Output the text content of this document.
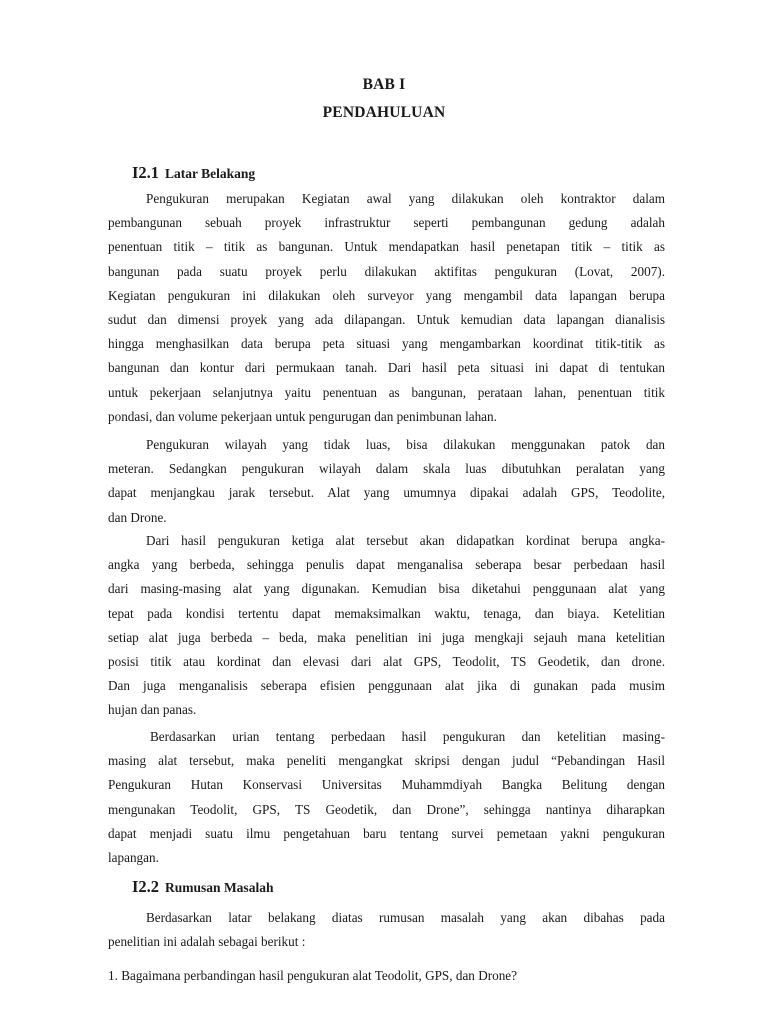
BAB I
PENDAHULUAN
I2.1 Latar Belakang
Pengukuran merupakan Kegiatan awal yang dilakukan oleh kontraktor dalam
pembangunan sebuah proyek infrastruktur seperti pembangunan gedung adalah
penentuan titik – titik as bangunan. Untuk mendapatkan hasil penetapan titik – titik as
bangunan pada suatu proyek perlu dilakukan aktifitas pengukuran (Lovat, 2007).
Kegiatan pengukuran ini dilakukan oleh surveyor yang mengambil data lapangan berupa
sudut dan dimensi proyek yang ada dilapangan. Untuk kemudian data lapangan dianalisis
hingga menghasilkan data berupa peta situasi yang mengambarkan koordinat titik-titik as
bangunan dan kontur dari permukaan tanah. Dari hasil peta situasi ini dapat di tentukan
untuk pekerjaan selanjutnya yaitu penentuan as bangunan, perataan lahan, penentuan titik
pondasi, dan volume pekerjaan untuk pengurugan dan penimbunan lahan.
Pengukuran wilayah yang tidak luas, bisa dilakukan menggunakan patok dan
meteran. Sedangkan pengukuran wilayah dalam skala luas dibutuhkan peralatan yang
dapat menjangkau jarak tersebut. Alat yang umumnya dipakai adalah GPS, Teodolite,
dan Drone.
Dari hasil pengukuran ketiga alat tersebut akan didapatkan kordinat berupa angka-
angka yang berbeda, sehingga penulis dapat menganalisa seberapa besar perbedaan hasil
dari masing-masing alat yang digunakan. Kemudian bisa diketahui penggunaan alat yang
tepat pada kondisi tertentu dapat memaksimalkan waktu, tenaga, dan biaya. Ketelitian
setiap alat juga berbeda – beda, maka penelitian ini juga mengkaji sejauh mana ketelitian
posisi titik atau kordinat dan elevasi dari alat GPS, Teodolit, TS Geodetik, dan drone.
Dan juga menganalisis seberapa efisien penggunaan alat jika di gunakan pada musim
hujan dan panas.
Berdasarkan urian tentang perbedaan hasil pengukuran dan ketelitian masing-
masing alat tersebut, maka peneliti mengangkat skripsi dengan judul “Pebandingan Hasil
Pengukuran Hutan Konservasi Universitas Muhammdiyah Bangka Belitung dengan
mengunakan Teodolit, GPS, TS Geodetik, dan Drone”, sehingga nantinya diharapkan
dapat menjadi suatu ilmu pengetahuan baru tentang survei pemetaan yakni pengukuran
lapangan.
I2.2 Rumusan Masalah
Berdasarkan latar belakang diatas rumusan masalah yang akan dibahas pada
penelitian ini adalah sebagai berikut :
1. Bagaimana perbandingan hasil pengukuran alat Teodolit, GPS, dan Drone?
